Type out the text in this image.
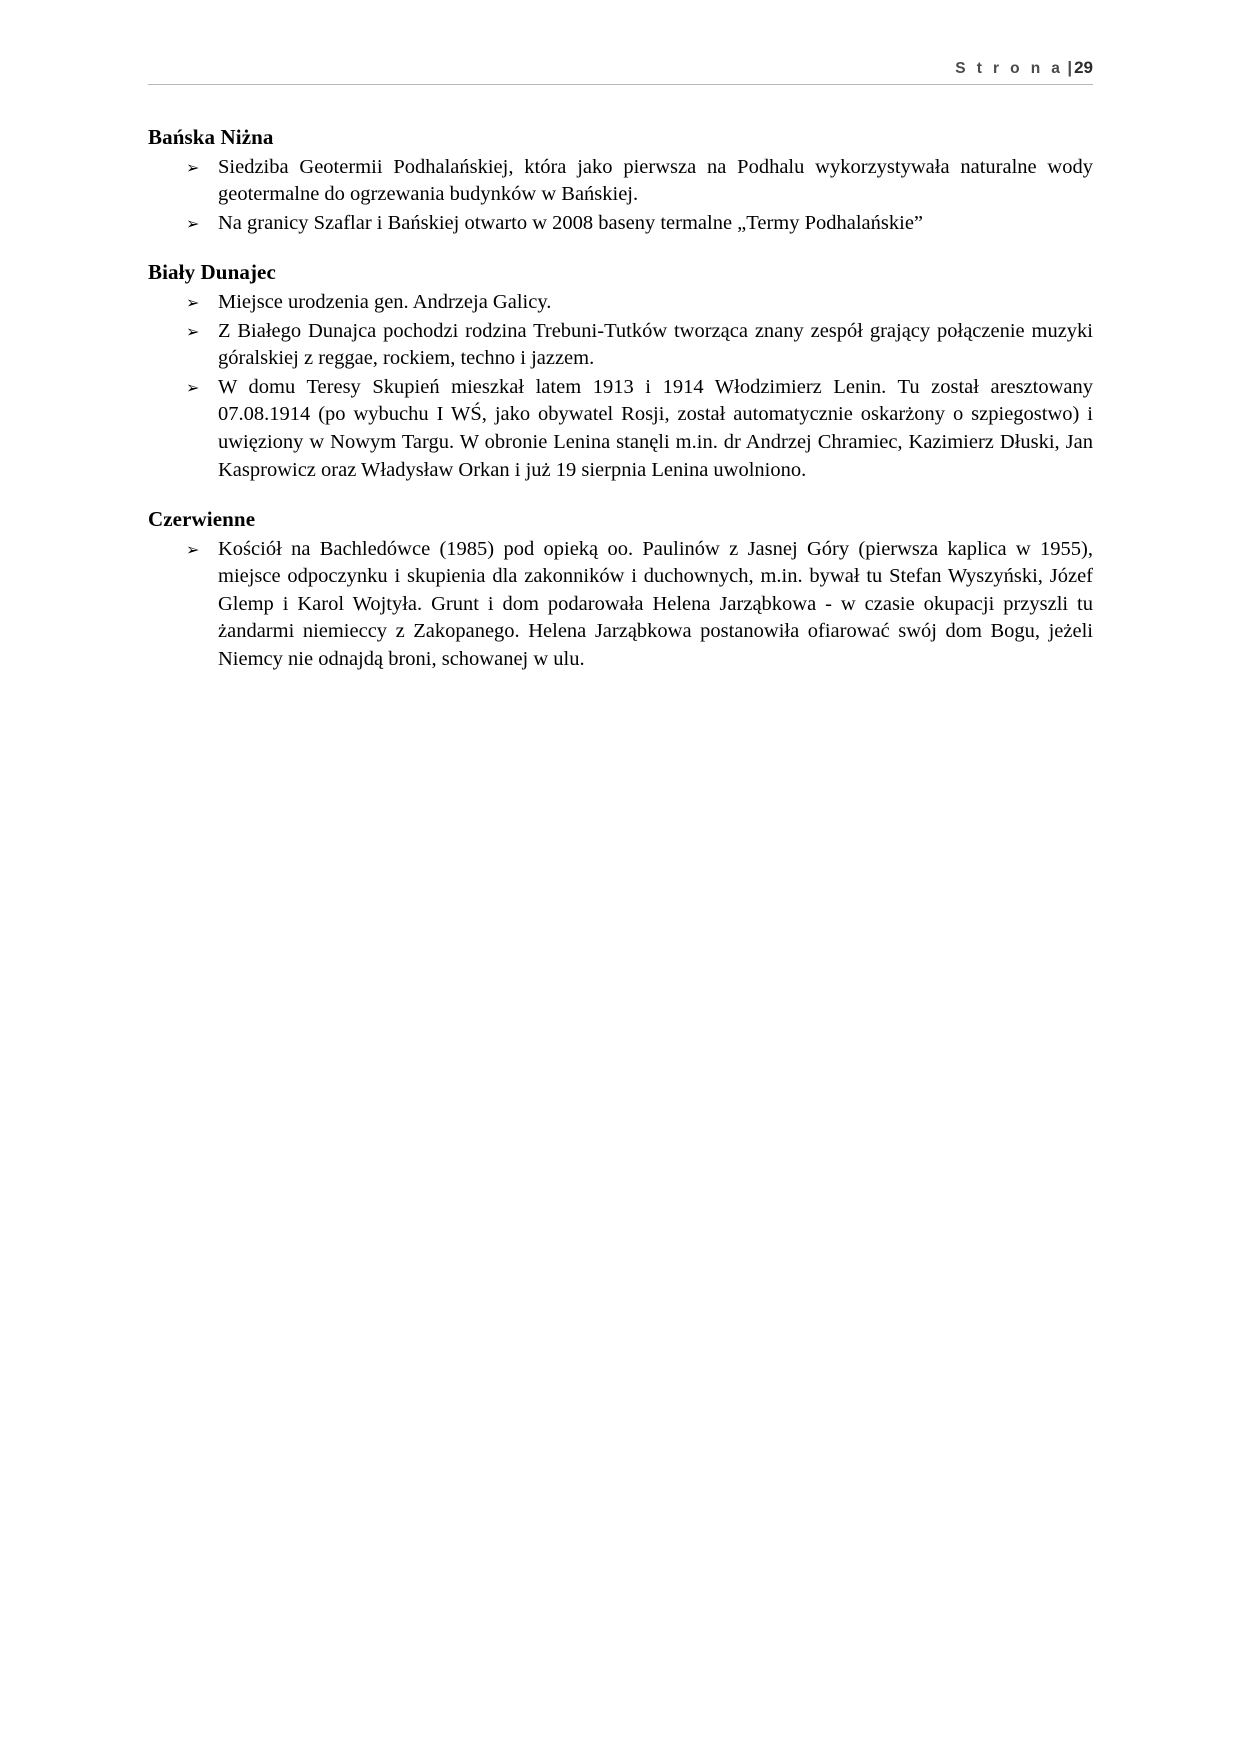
S t r o n a | 29
Bańska Niżna
➢ Siedziba Geotermii Podhalańskiej, która jako pierwsza na Podhalu wykorzystywała naturalne wody geotermalne do ogrzewania budynków w Bańskiej.
➢ Na granicy Szaflar i Bańskiej otwarto w 2008 baseny termalne „Termy Podhalańskie”
Biały Dunajec
➢ Miejsce urodzenia gen. Andrzeja Galicy.
➢ Z Białego Dunajca pochodzi rodzina Trebuni-Tutków tworząca znany zespół grający połączenie muzyki góralskiej z reggae, rockiem, techno i jazzem.
➢ W domu Teresy Skupień mieszkał latem 1913 i 1914 Włodzimierz Lenin. Tu został aresztowany 07.08.1914 (po wybuchu I WŚ, jako obywatel Rosji, został automatycznie oskarżony o szpiegostwo) i uwięziony w Nowym Targu. W obronie Lenina stanęli m.in. dr Andrzej Chramiec, Kazimierz Dłuski, Jan Kasprowicz oraz Władysław Orkan i już 19 sierpnia Lenina uwolniono.
Czerwienne
➢ Kościół na Bachledówce (1985) pod opieką oo. Paulinów z Jasnej Góry (pierwsza kaplica w 1955), miejsce odpoczynku i skupienia dla zakonników i duchownych, m.in. bywał tu Stefan Wyszyński, Józef Glemp i Karol Wojtyła. Grunt i dom podarowała Helena Jarząbkowa - w czasie okupacji przyszli tu żandarmi niemieccy z Zakopanego. Helena Jarząbkowa postanowiła ofiarować swój dom Bogu, jeżeli Niemcy nie odnajdą broni, schowanej w ulu.
